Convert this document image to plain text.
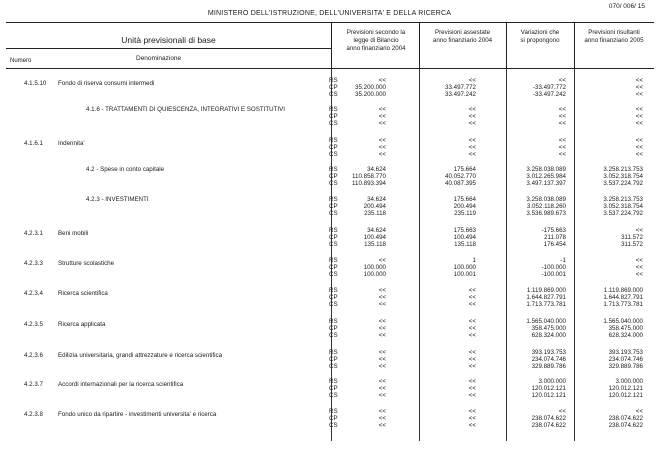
070/ 006/ 15
MINISTERO DELL'ISTRUZIONE, DELL'UNIVERSITA' E DELLA RICERCA
Unità previsionali di base
Numero	Denominazione
Previsioni secondo la
legge di Bilancio
anno finanziario 2004
Previsioni assestate
anno finanziario 2004
Variazioni che
si propongono
Previsioni risultanti
anno finanziario 2005
4.1.5.10 Fondo di riserva consumi intermedi	RS	<<	<<	<<	<<
CP	35.200.000	33.497.772	-33.497.772	<<
CS	35.200.000	33.497.242	-33.497.242	<<
4.1.6 - TRATTAMENTI DI QUIESCENZA, INTEGRATIVI E SOSTITUTIVI	RS	<<	<<	<<	<<
CP	<<	<<	<<	<<
CS	<<	<<	<<	<<
4.1.6.1 Indennita'	RS	<<	<<	<<	<<
CP	<<	<<	<<	<<
CS	<<	<<	<<	<<
4.2 - Spese in conto capitale	RS	34.624	175.664	3.258.038.089	3.258.213.753
CP	110.858.770	40.052.770	3.012.265.984	3.052.318.754
CS	110.893.394	40.087.395	3.497.137.397	3.537.224.792
4.2.3 - INVESTIMENTI	RS	34.624	175.664	3.258.038.089	3.258.213.753
CP	200.494	200.494	3.052.118.260	3.052.318.754
CS	235.118	235.119	3.536.989.673	3.537.224.792
4.2.3.1 Beni mobili	RS	34.624	175.663	-175.663	<<
CP	100.494	100.494	211.078	311.572
CS	135.118	135.118	176.454	311.572
4.2.3.3 Strutture scolastiche	RS	<<	1	-1	<<
CP	100.000	100.000	-100.000	<<
CS	100.000	100.001	-100.001	<<
4.2.3.4 Ricerca scientifica	RS	<<	<<	1.119.869.000	1.119.869.000
CP	<<	<<	1.644.827.791	1.644.827.791
CS	<<	<<	1.713.773.781	1.713.773.781
4.2.3.5 Ricerca applicata	RS	<<	<<	1.565.040.000	1.565.040.000
CP	<<	<<	358.475.000	358.475.000
CS	<<	<<	628.324.000	628.324.000
4.2.3.6 Edilizia universitaria, grandi attrezzature e ricerca scientifica	RS	<<	<<	393.193.753	393.193.753
CP	<<	<<	234.074.746	234.074.746
CS	<<	<<	329.889.786	329.889.786
4.2.3.7 Accordi internazionali per la ricerca scientifica	RS	<<	<<	3.000.000	3.000.000
CP	<<	<<	120.012.121	120.012.121
CS	<<	<<	120.012.121	120.012.121
4.2.3.8 Fondo unico da ripartire - investimenti universita' e ricerca	RS	<<	<<	<<	<<
CP	<<	<<	238.074.622	238.074.622
CS	<<	<<	238.074.622	238.074.622
